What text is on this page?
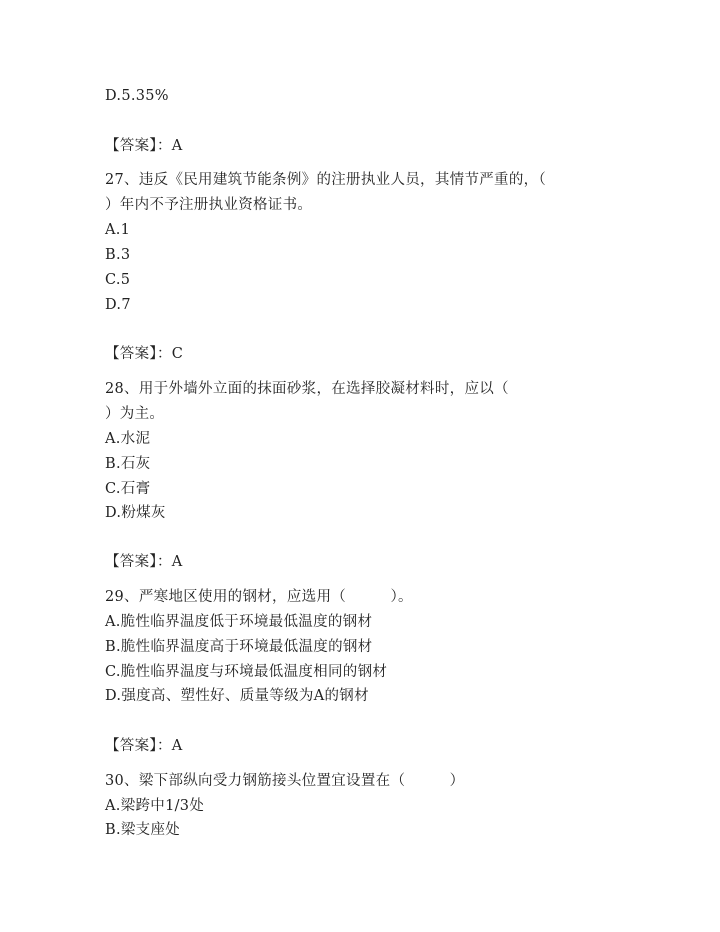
D.5.35%
【答案】：A
27、违反《民用建筑节能条例》的注册执业人员，其情节严重的，（
）年内不予注册执业资格证书。
A.1
B.3
C.5
D.7
【答案】：C
28、用于外墙外立面的抹面砂浆，在选择胶凝材料时，应以（
）为主。
A.水泥
B.石灰
C.石膏
D.粉煤灰
【答案】：A
29、严寒地区使用的钢材，应选用（　　　）。
A.脆性临界温度低于环境最低温度的钢材
B.脆性临界温度高于环境最低温度的钢材
C.脆性临界温度与环境最低温度相同的钢材
D.强度高、塑性好、质量等级为A的钢材
【答案】：A
30、梁下部纵向受力钢筋接头位置宜设置在（　　　）
A.梁跨中1/3处
B.梁支座处
